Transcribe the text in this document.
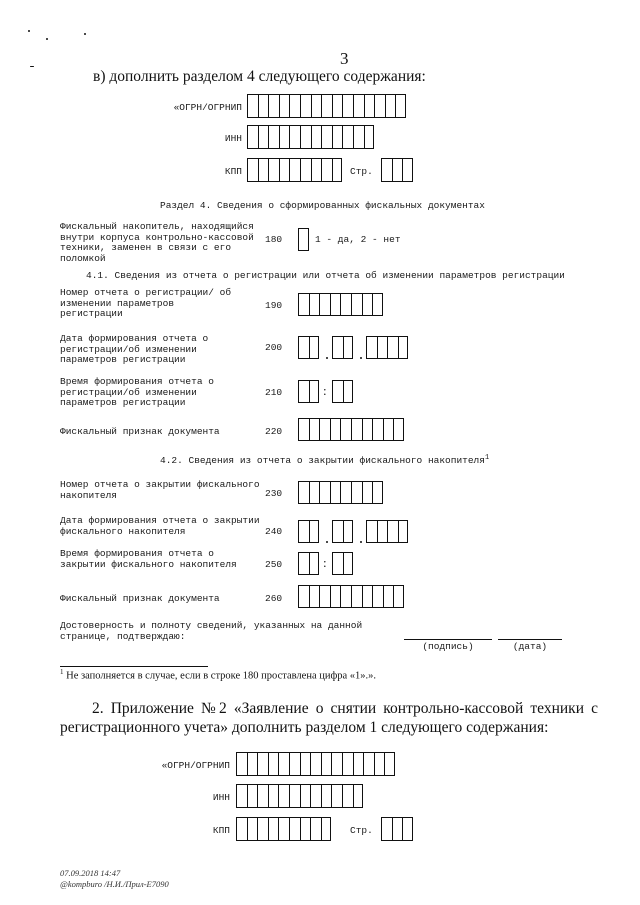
3
в) дополнить разделом 4 следующего содержания:
«ОГРН/ОГРНИП
ИНН
КПП	Стр.
Раздел 4. Сведения о сформированных фискальных документах
Фискальный накопитель, находящийся внутри корпуса контрольно-кассовой техники, заменен в связи с его поломкой
180	1 - да, 2 - нет
4.1. Сведения из отчета о регистрации или отчета об изменении параметров регистрации
Номер отчета о регистрации/ об изменении параметров регистрации
190
Дата формирования отчета о регистрации/об изменении параметров регистрации
200
Время формирования отчета о регистрации/об изменении параметров регистрации
210	:
Фискальный признак документа	220
4.2. Сведения из отчета о закрытии фискального накопителя$^1$
Номер отчета о закрытии фискального накопителя	230
Дата формирования отчета о закрытии фискального накопителя	240
Время формирования отчета о закрытии фискального накопителя	250	:
Фискальный признак документа	260
Достоверность и полноту сведений, указанных на данной странице, подтверждаю:
(подпись)	(дата)
$^1$ Не заполняется в случае, если в строке 180 проставлена цифра «1».».
2. Приложение №2 «Заявление о снятии контрольно-кассовой техники с регистрационного учета» дополнить разделом 1 следующего содержания:
«ОГРН/ОГРНИП
ИНН
КПП	Стр.
07.09.2018 14:47
@kompburo /Н.И./Прил-E7090
